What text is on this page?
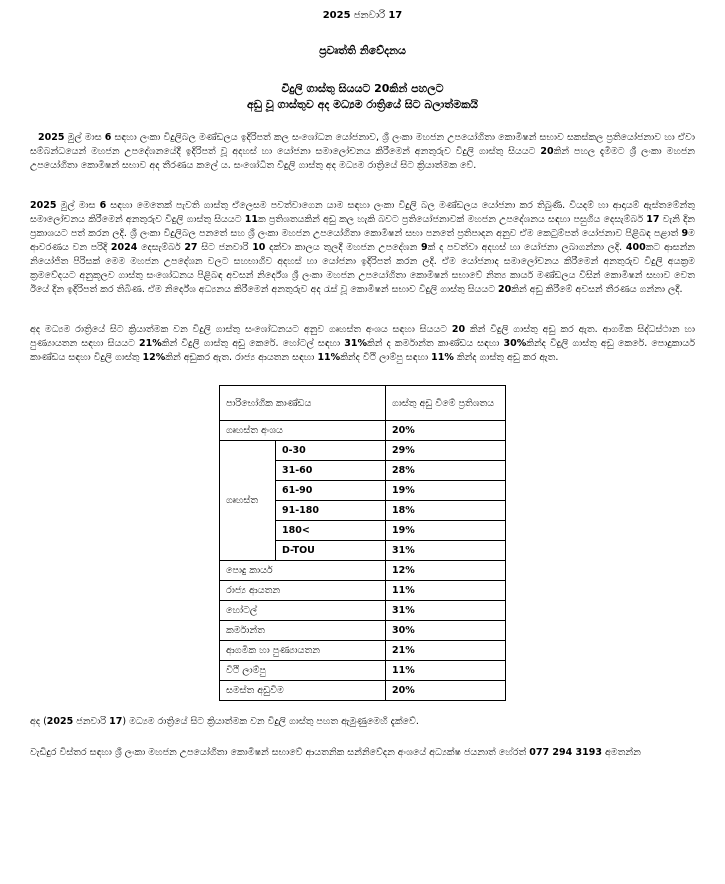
2025 ජනවාරි 17
ප්‍රවෘත්ති නිවේදනය
විදුලි ගාස්තු සියයට 20කින් පහලට
අඩු වූ ගාස්තුව අද මධ්‍යම රාත්‍රියේ සිට බලාත්මකයි

2025 මුල් මාස 6 සඳහා ලංකා විදුලිබල මණ්ඩලය ඉදිරිපත් කල සංශෝධන යෝජනාව, ශ්‍රී ලංකා මහජන උපයෝගිතා කොමිෂන් සභාව සකස්කල ප්‍රතියෝජනාව හා ඒවා සම්බන්ධයෙන් මහජන උපදේශනයේදී ඉදිරිපත් වූ අදහස් හා යෝජනා සමාලෝචනය කිරීමෙන් අනතුරුව විදුලි ගාස්තු සියයට 20කින් පහල දැමීමට ශ්‍රී ලංකා මහජන උපයෝගිතා කොමිෂන් සභාව අද තීරණය කලේ ය. සංශෝධිත විදුලි ගාස්තු අද මධ්‍යම රාත්‍රියේ සිට ක්‍රියාත්මක වේ.

2025 මුල් මාස 6 සඳහා මෙතෙක් පැවති ගාස්තු ඒලෙසම පවත්වාගෙන යාම සඳහා ලංකා විදුලි බල මණ්ඩලය යෝජනා කර තිබුණි. වියදම් හා ආදායම් ඇස්තමේන්තු සමාලෝචනය කිරීමෙන් අනතුරුව විදුලි ගාස්තු සියයට 11ක ප්‍රතිශතයකින් අඩු කල හැකි බවට ප්‍රතියෝජනාවක් මහජන උපදේශනය සඳහා පසුගිය දෙසැම්බර් 17 වැනි දින ප්‍රකාශයට පත් කරන ලදි. ශ්‍රී ලංකා විදුලිබල පනතේ සහ ශ්‍රී ලංකා මහජන උපයෝගිතා කොමිෂන් සභා පනතේ ප්‍රතිපාදන අනුව ඒම කෙටුම්පත් යෝජනාව පිළිබඳ පළාත් 9ම ආවරණය වන පරිදි 2024 දෙසැම්බර් 27 සිට ජනවාරි 10 දක්වා කාලය තුලදී මහජන උපදේශන 9ක් ද පවත්වා අදහස් හා යෝජනා ලබාගන්නා ලදි. 400කට ආසන්න නියෝජිත පිරිසක් මෙම මහජන උපදේශන වලට සහභාගිව අදහස් හා යෝජනා ඉදිරිපත් කරන ලදි. ඒම යෝජනාද සමාලෝචනය කිරීමෙන් අනතුරුව විදුලි අයක්‍රම ක්‍රමවේදයට අනුකූලව ගාස්තු සංශෝධනය පිළිබඳ අවසන් නිර්දේශ ශ්‍රී ලංකා මහජන උපයෝගිතා කොමිෂන් සභාවේ නිත්‍ය කාර්ය මණ්ඩලය විසින් කොමිෂන් සභාව වෙත ඊයේ දින ඉදිරිපත් කර තිබිණ. ඒම නිර්දේශ අධ්‍යනය කිරීමෙන් අනතුරුව අද රැස් වූ කොමිෂන් සභාව විදුලි ගාස්තු සියයට 20කින් අඩු කිරීමේ අවසන් තීරණය ගන්නා ලදී.

අද මධ්‍යම රාත්‍රියේ සිට ක්‍රියාත්මක වන විදුලි ගාස්තු සංශෝධනයට අනුව ගෘහස්ත අංශය සඳහා සියයට 20 කින් විදුලි ගාස්තු අඩු කර ඇත. ආගමික සිද්ධස්ථාන හා පුණ්‍යායතන සඳහා සියයට 21%කින් විදුලි ගාස්තු අඩු කෙරේ. හෝටල් සඳහා 31%කින් ද කර්මාන්ත කාණ්ඩය සඳහා 30%කින්ද විදුලි ගාස්තු අඩු කෙරේ. පොදුකාර්ය කාණ්ඩය සඳහා විදුලි ගාස්තු 12%කින් අඩුකර ඇත. රාජ්‍ය ආයතන සඳහා 11%කින්ද වීථි ලාම්පු සඳහා 11% කින්ද ගාස්තු අඩු කර ඇත.

පාරිභෝගික කාණ්ඩය		ගාස්තු අඩු වීමේ ප්‍රතිශතය
ගෘහස්ත අංශය		20%
ගෘහස්ත	0-30	29%
	31-60	28%
	61-90	19%
	91-180	18%
	180<	19%
	D-TOU	31%
පොදු කාර්ය		12%
රාජ්‍ය ආයතන		11%
හෝටල්		31%
කර්මාන්ත		30%
ආගමික හා පුණ්‍යායතන		21%
වීථි ලාම්පු		11%
සමස්ත අඩුවීම		20%

අද (2025 ජනවාරි 17) මධ්‍යම රාත්‍රියේ සිට ක්‍රියාත්මක වන විදුලි ගාස්තු පහත ඇමුණුමෙහි දැක්වේ.

වැඩිදුර විස්තර සඳහා ශ්‍රී ලංකා මහජන උපයෝගිතා කොමිෂන් සභාවේ ආයතනික සන්නිවේදන අංශයේ අධ්‍යක්ෂ ජයනාත් හේරත් 077 294 3193 අමතන්න
